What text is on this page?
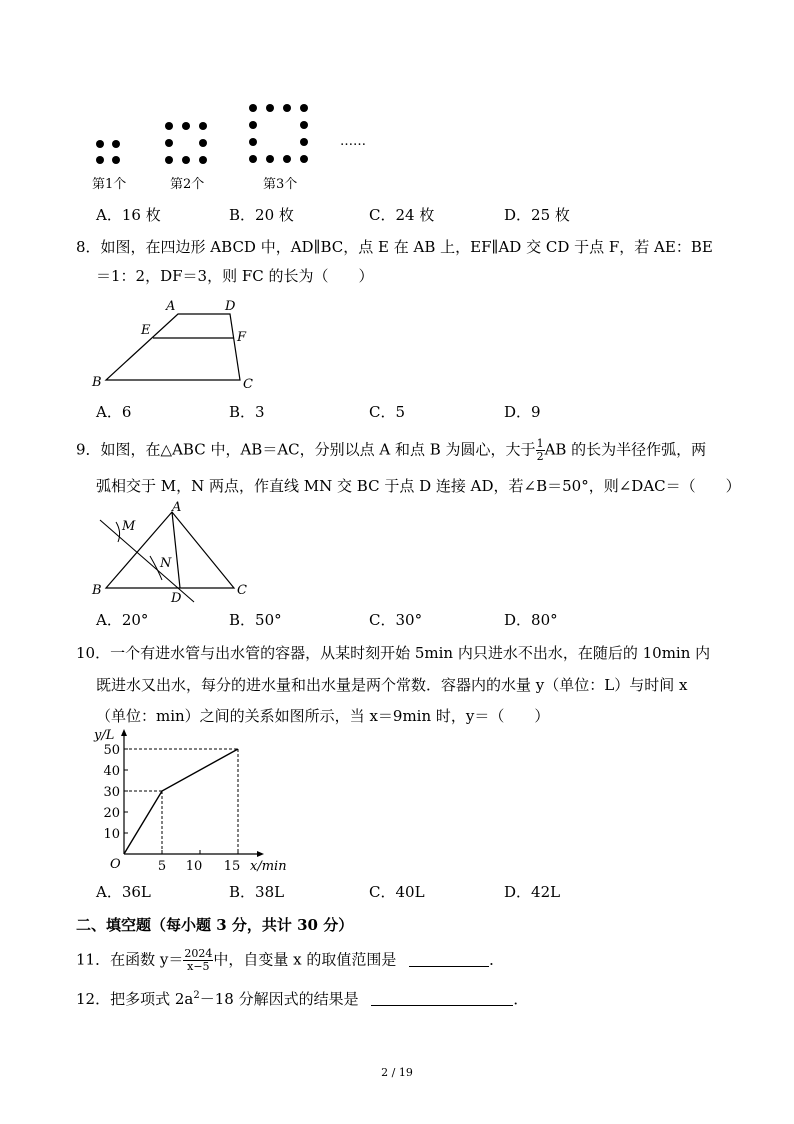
……
第1个	第2个	第3个
A．16 枚	B．20 枚	C．24 枚	D．25 枚
8．如图，在四边形 ABCD 中，AD∥BC，点 E 在 AB 上，EF∥AD 交 CD 于点 F，若 AE：BE
＝1：2，DF＝3，则 FC 的长为（　　）
A	D
E	F
B	C
A．6	B．3	C．5	D．9
9．如图，在△ABC 中，AB＝AC，分别以点 A 和点 B 为圆心，大于 $\frac{1}{2}$ AB 的长为半径作弧，两
弧相交于 M，N 两点，作直线 MN 交 BC 于点 D 连接 AD，若∠B＝50°，则∠DAC＝（　　）
A
M
N
B
D
C
A．20°	B．50°	C．30°	D．80°
10．一个有进水管与出水管的容器，从某时刻开始 5min 内只进水不出水，在随后的 10min 内
既进水又出水，每分的进水量和出水量是两个常数．容器内的水量 y（单位：L）与时间 x
（单位：min）之间的关系如图所示，当 x＝9min 时，y＝（　　）
10
20
30
40
50
5 10 15
O
y/L
x/min
A．36L	B．38L	C．40L	D．42L
二、填空题（每小题 3 分，共计 30 分）
11．在函数 $y= \frac{2024}{x-5}$ 中，自变量 x 的取值范围是	．
12．把多项式 $2a^2-18$ 分解因式的结果是	．
2 / 19
